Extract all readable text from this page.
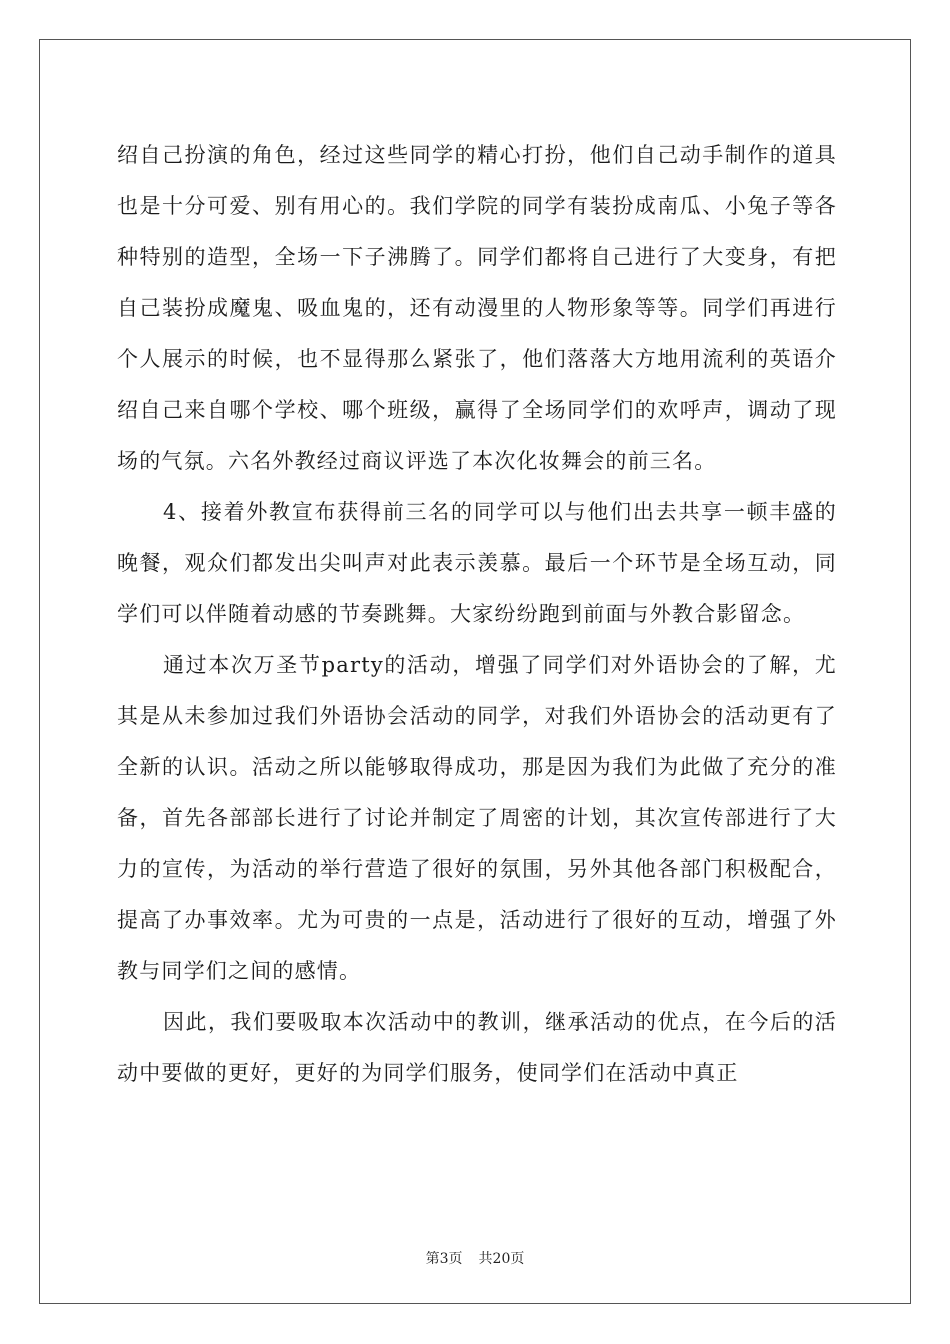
绍自己扮演的角色，经过这些同学的精心打扮，他们自己动手制作的道具也是十分可爱、别有用心的。我们学院的同学有装扮成南瓜、小兔子等各种特别的造型，全场一下子沸腾了。同学们都将自己进行了大变身，有把自己装扮成魔鬼、吸血鬼的，还有动漫里的人物形象等等。同学们再进行个人展示的时候，也不显得那么紧张了，他们落落大方地用流利的英语介绍自己来自哪个学校、哪个班级，赢得了全场同学们的欢呼声，调动了现场的气氛。六名外教经过商议评选了本次化妆舞会的前三名。

4、接着外教宣布获得前三名的同学可以与他们出去共享一顿丰盛的晚餐，观众们都发出尖叫声对此表示羡慕。最后一个环节是全场互动，同学们可以伴随着动感的节奏跳舞。大家纷纷跑到前面与外教合影留念。

通过本次万圣节party的活动，增强了同学们对外语协会的了解，尤其是从未参加过我们外语协会活动的同学，对我们外语协会的活动更有了全新的认识。活动之所以能够取得成功，那是因为我们为此做了充分的准备，首先各部部长进行了讨论并制定了周密的计划，其次宣传部进行了大力的宣传，为活动的举行营造了很好的氛围，另外其他各部门积极配合，提高了办事效率。尤为可贵的一点是，活动进行了很好的互动，增强了外教与同学们之间的感情。

因此，我们要吸取本次活动中的教训，继承活动的优点，在今后的活动中要做的更好，更好的为同学们服务，使同学们在活动中真正

第3页 共20页
